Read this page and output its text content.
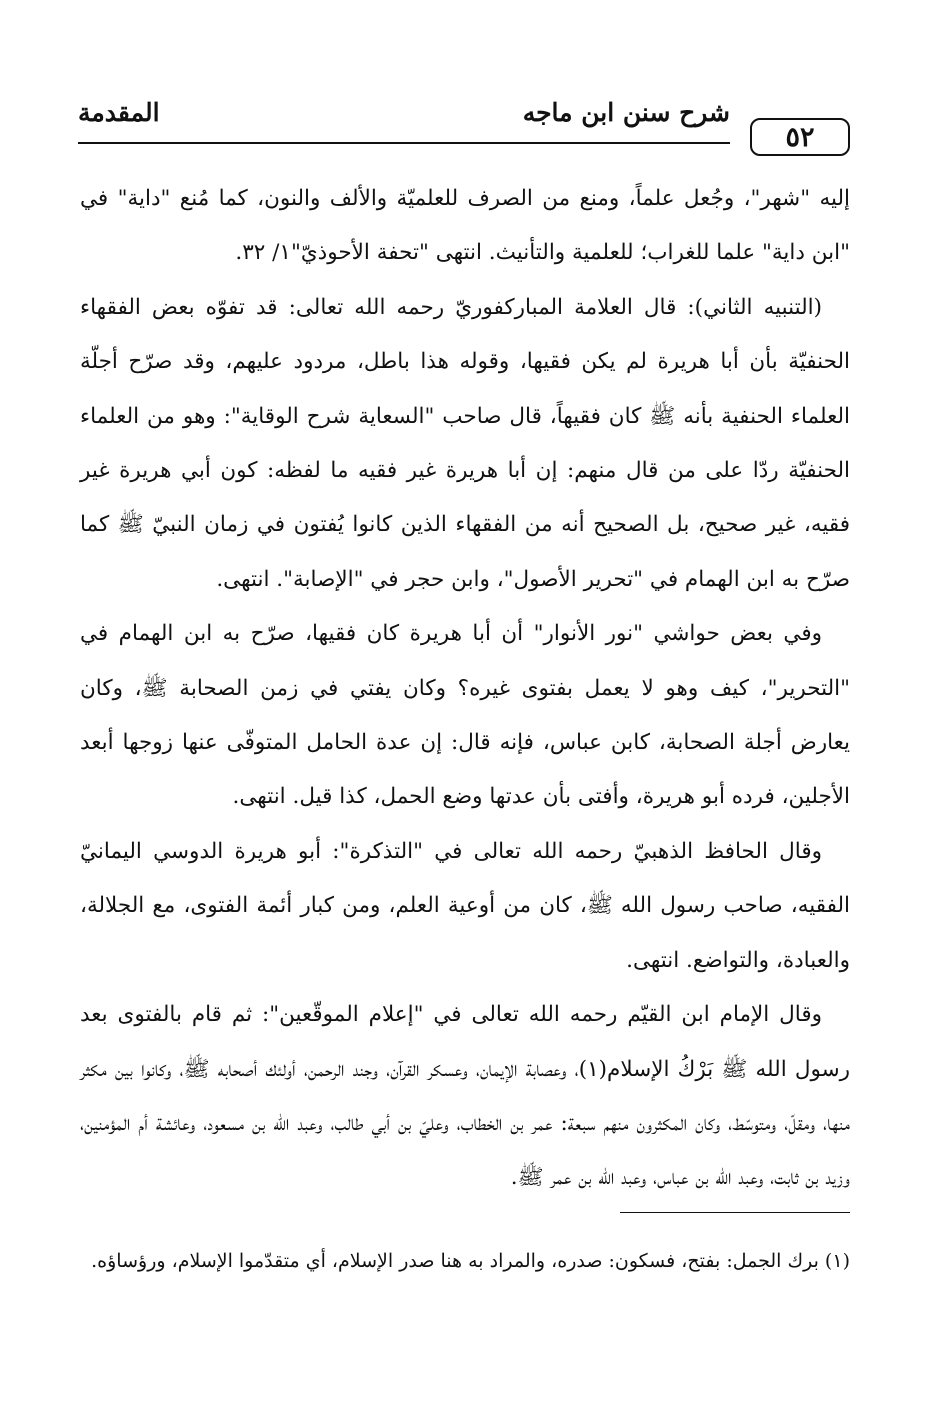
المقدمة	شرح سنن ابن ماجه
٥٢

إليه "شهر"، وجُعل علماً، ومنع من الصرف للعلميّة والألف والنون، كما مُنع "داية" في "ابن داية" علما للغراب؛ للعلمية والتأنيث. انتهى "تحفة الأحوذيّ"١/ ٣٢.

(التنبيه الثاني): قال العلامة المباركفوريّ رحمه الله تعالى: قد تفوّه بعض الفقهاء الحنفيّة بأن أبا هريرة لم يكن فقيها، وقوله هذا باطل، مردود عليهم، وقد صرّح أجلّة العلماء الحنفية بأنه ﷺ كان فقيهاً، قال صاحب "السعاية شرح الوقاية": وهو من العلماء الحنفيّة ردّا على من قال منهم: إن أبا هريرة غير فقيه ما لفظه: كون أبي هريرة غير فقيه، غير صحيح، بل الصحيح أنه من الفقهاء الذين كانوا يُفتون في زمان النبيّ ﷺ كما صرّح به ابن الهمام في "تحرير الأصول"، وابن حجر في "الإصابة". انتهى.

وفي بعض حواشي "نور الأنوار" أن أبا هريرة كان فقيها، صرّح به ابن الهمام في "التحرير"، كيف وهو لا يعمل بفتوى غيره؟ وكان يفتي في زمن الصحابة ﷺ، وكان يعارض أجلة الصحابة، كابن عباس، فإنه قال: إن عدة الحامل المتوفّى عنها زوجها أبعد الأجلين، فرده أبو هريرة، وأفتى بأن عدتها وضع الحمل، كذا قيل. انتهى.

وقال الحافظ الذهبيّ رحمه الله تعالى في "التذكرة": أبو هريرة الدوسي اليمانيّ الفقيه، صاحب رسول الله ﷺ، كان من أوعية العلم، ومن كبار أئمة الفتوى، مع الجلالة، والعبادة، والتواضع. انتهى.

وقال الإمام ابن القيّم رحمه الله تعالى في "إعلام الموقّعين": ثم قام بالفتوى بعد رسول الله ﷺ بَرْكُ الإسلام(١)، وعصابة الإيمان، وعسكر القرآن، وجند الرحمن، أولئك أصحابه ﷺ، وكانوا بين مكثر منها، ومقلّ، ومتوسّط، وكان المكثرون منهم سبعة: عمر بن الخطاب، وعليّ بن أبي طالب، وعبد الله بن مسعود، وعائشة أم المؤمنين، وزيد بن ثابت، وعبد الله بن عباس، وعبد الله بن عمر ﷺ.

(١) برك الجمل: بفتح، فسكون: صدره، والمراد به هنا صدر الإسلام، أي متقدّموا الإسلام، ورؤساؤه.
